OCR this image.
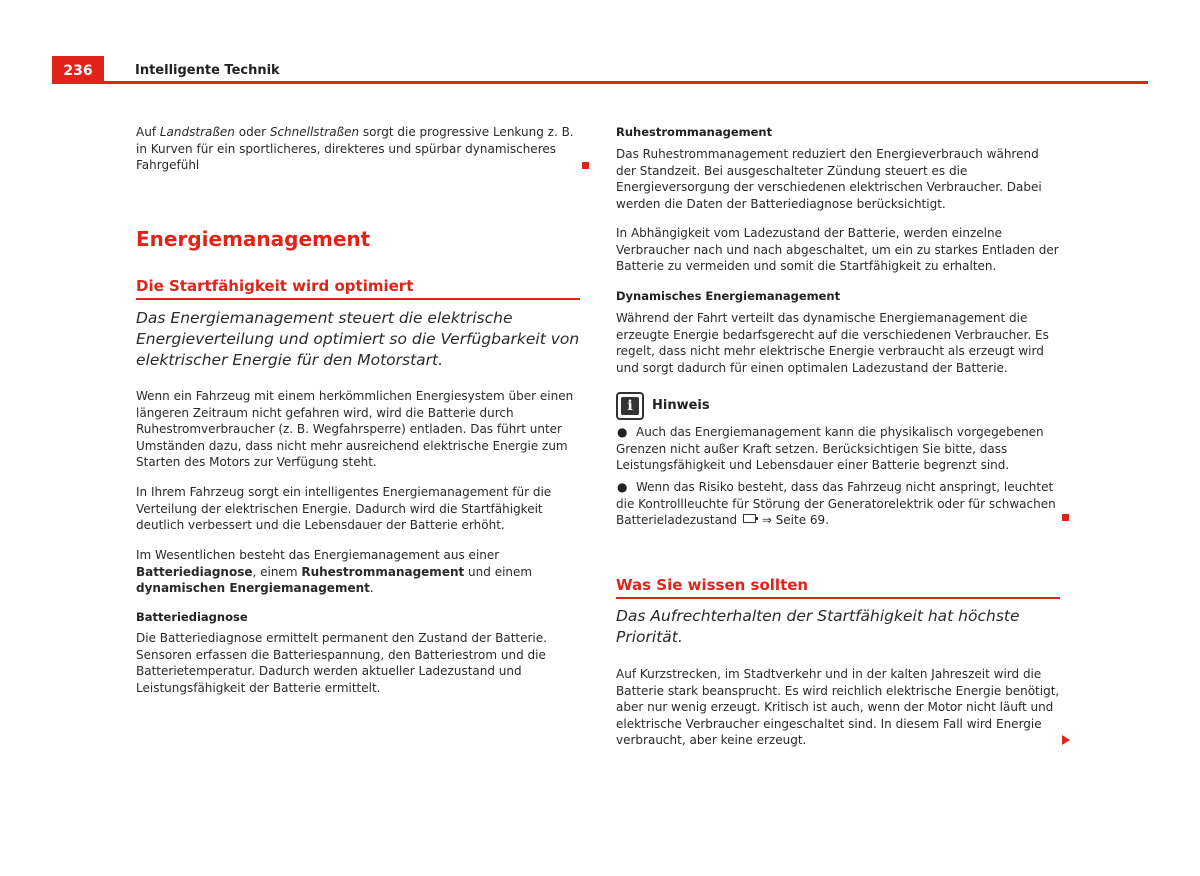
236	Intelligente Technik

Auf Landstraßen oder Schnellstraßen sorgt die progressive Lenkung z. B. in Kurven für ein sportlicheres, direkteres und spürbar dynamischeres Fahrgefühl

Energiemanagement
Die Startfähigkeit wird optimiert

Das Energiemanagement steuert die elektrische Energieverteilung und optimiert so die Verfügbarkeit von elektrischer Energie für den Motorstart.

Wenn ein Fahrzeug mit einem herkömmlichen Energiesystem über einen längeren Zeitraum nicht gefahren wird, wird die Batterie durch Ruhestromverbraucher (z. B. Wegfahrsperre) entladen. Das führt unter Umständen dazu, dass nicht mehr ausreichend elektrische Energie zum Starten des Motors zur Verfügung steht.

In Ihrem Fahrzeug sorgt ein intelligentes Energiemanagement für die Verteilung der elektrischen Energie. Dadurch wird die Startfähigkeit deutlich verbessert und die Lebensdauer der Batterie erhöht.

Im Wesentlichen besteht das Energiemanagement aus einer Batteriediagnose, einem Ruhestrommanagement und einem dynamischen Energiemanagement.

Batteriediagnose

Die Batteriediagnose ermittelt permanent den Zustand der Batterie. Sensoren erfassen die Batteriespannung, den Batteriestrom und die Batterietemperatur. Dadurch werden aktueller Ladezustand und Leistungsfähigkeit der Batterie ermittelt.

Ruhestrommanagement

Das Ruhestrommanagement reduziert den Energieverbrauch während der Standzeit. Bei ausgeschalteter Zündung steuert es die Energieversorgung der verschiedenen elektrischen Verbraucher. Dabei werden die Daten der Batteriediagnose berücksichtigt.

In Abhängigkeit vom Ladezustand der Batterie, werden einzelne Verbraucher nach und nach abgeschaltet, um ein zu starkes Entladen der Batterie zu vermeiden und somit die Startfähigkeit zu erhalten.

Dynamisches Energiemanagement

Während der Fahrt verteilt das dynamische Energiemanagement die erzeugte Energie bedarfsgerecht auf die verschiedenen Verbraucher. Es regelt, dass nicht mehr elektrische Energie verbraucht als erzeugt wird und sorgt dadurch für einen optimalen Ladezustand der Batterie.

i	Hinweis
● Auch das Energiemanagement kann die physikalisch vorgegebenen Grenzen nicht außer Kraft setzen. Berücksichtigen Sie bitte, dass Leistungsfähigkeit und Lebensdauer einer Batterie begrenzt sind.

● Wenn das Risiko besteht, dass das Fahrzeug nicht anspringt, leuchtet die Kontrollleuchte für Störung der Generatorelektrik oder für schwachen Batterieladezustand ⇒ Seite 69.

Was Sie wissen sollten

Das Aufrechterhalten der Startfähigkeit hat höchste Priorität.

Auf Kurzstrecken, im Stadtverkehr und in der kalten Jahreszeit wird die Batterie stark beansprucht. Es wird reichlich elektrische Energie benötigt, aber nur wenig erzeugt. Kritisch ist auch, wenn der Motor nicht läuft und elektrische Verbraucher eingeschaltet sind. In diesem Fall wird Energie verbraucht, aber keine erzeugt.
